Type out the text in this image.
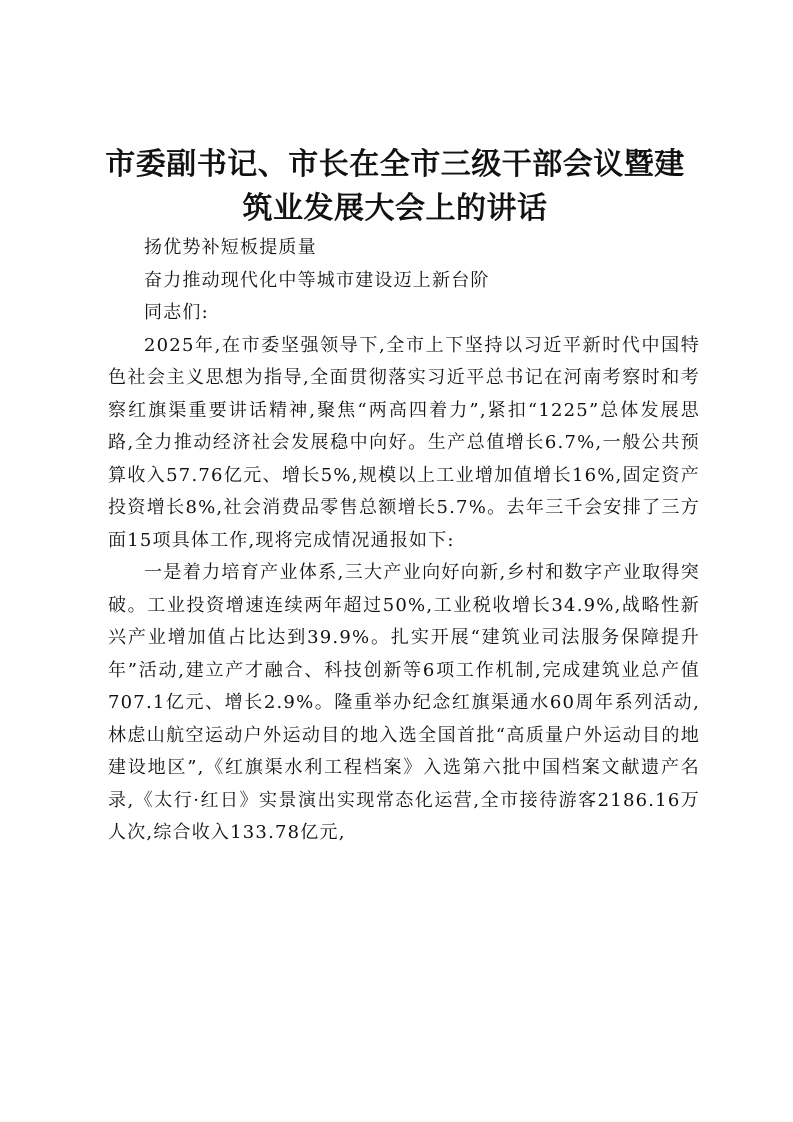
市委副书记、市长在全市三级干部会议暨建筑业发展大会上的讲话

扬优势补短板提质量

奋力推动现代化中等城市建设迈上新台阶

同志们:

2025年,在市委坚强领导下,全市上下坚持以习近平新时代中国特色社会主义思想为指导,全面贯彻落实习近平总书记在河南考察时和考察红旗渠重要讲话精神,聚焦“两高四着力”,紧扣“1225”总体发展思路,全力推动经济社会发展稳中向好。生产总值增长6.7%,一般公共预算收入57.76亿元、增长5%,规模以上工业增加值增长16%,固定资产投资增长8%,社会消费品零售总额增长5.7%。去年三千会安排了三方面15项具体工作,现将完成情况通报如下:

一是着力培育产业体系,三大产业向好向新,乡村和数字产业取得突破。工业投资增速连续两年超过50%,工业税收增长34.9%,战略性新兴产业增加值占比达到39.9%。扎实开展“建筑业司法服务保障提升年”活动,建立产才融合、科技创新等6项工作机制,完成建筑业总产值707.1亿元、增长2.9%。隆重举办纪念红旗渠通水60周年系列活动,林虑山航空运动户外运动目的地入选全国首批“高质量户外运动目的地建设地区”,《红旗渠水利工程档案》入选第六批中国档案文献遗产名录,《太行·红日》实景演出实现常态化运营,全市接待游客2186.16万人次,综合收入133.78亿元,
